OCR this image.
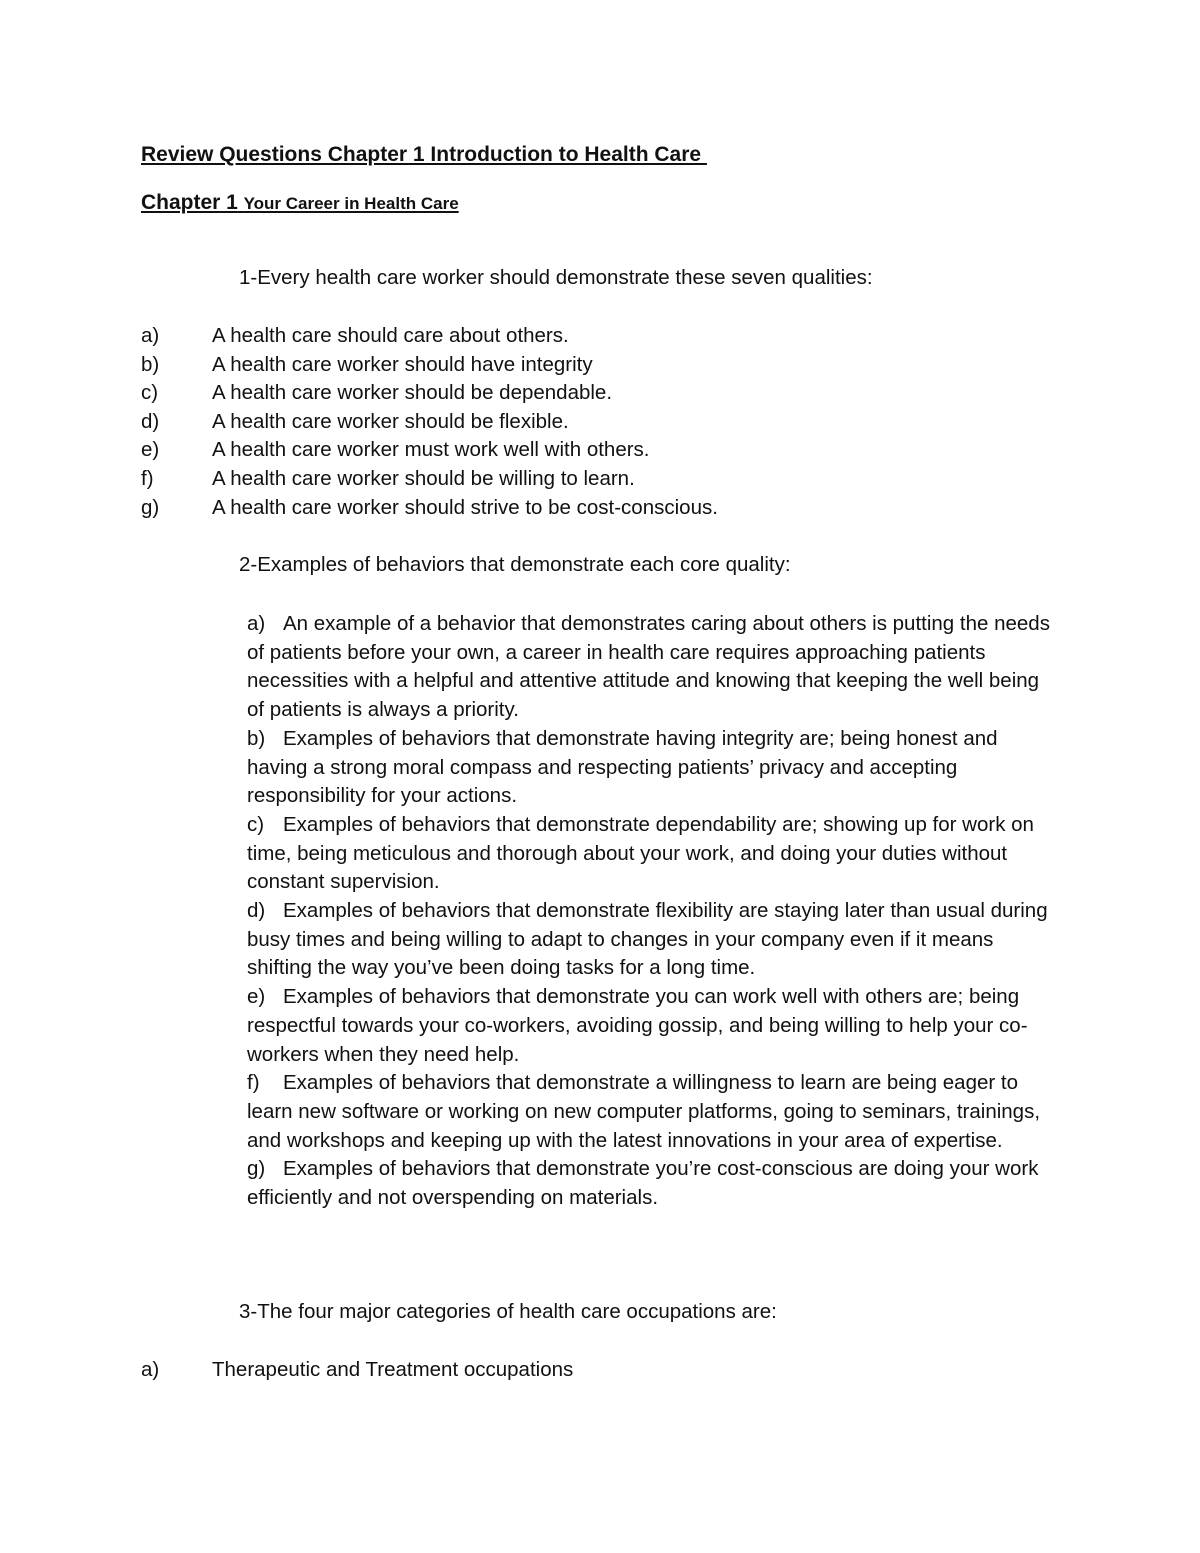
Review Questions Chapter 1 Introduction to Health Care
Chapter 1 Your Career in Health Care
1-Every health care worker should demonstrate these seven qualities:
a)	A health care should care about others.
b)	A health care worker should have integrity
c)	A health care worker should be dependable.
d)	A health care worker should be flexible.
e)	A health care worker must work well with others.
f)	A health care worker should be willing to learn.
g)	A health care worker should strive to be cost-conscious.
2-Examples of behaviors that demonstrate each core quality:
a) An example of a behavior that demonstrates caring about others is putting the needs of patients before your own, a career in health care requires approaching patients necessities with a helpful and attentive attitude and knowing that keeping the well being of patients is always a priority.
b) Examples of behaviors that demonstrate having integrity are; being honest and having a strong moral compass and respecting patients’ privacy and accepting responsibility for your actions.
c) Examples of behaviors that demonstrate dependability are; showing up for work on time, being meticulous and thorough about your work, and doing your duties without constant supervision.
d) Examples of behaviors that demonstrate flexibility are staying later than usual during busy times and being willing to adapt to changes in your company even if it means shifting the way you’ve been doing tasks for a long time.
e) Examples of behaviors that demonstrate you can work well with others are; being respectful towards your co-workers, avoiding gossip, and being willing to help your co-workers when they need help.
f) Examples of behaviors that demonstrate a willingness to learn are being eager to learn new software or working on new computer platforms, going to seminars, trainings, and workshops and keeping up with the latest innovations in your area of expertise.
g) Examples of behaviors that demonstrate you’re cost-conscious are doing your work efficiently and not overspending on materials.
3-The four major categories of health care occupations are:
a)	Therapeutic and Treatment occupations
